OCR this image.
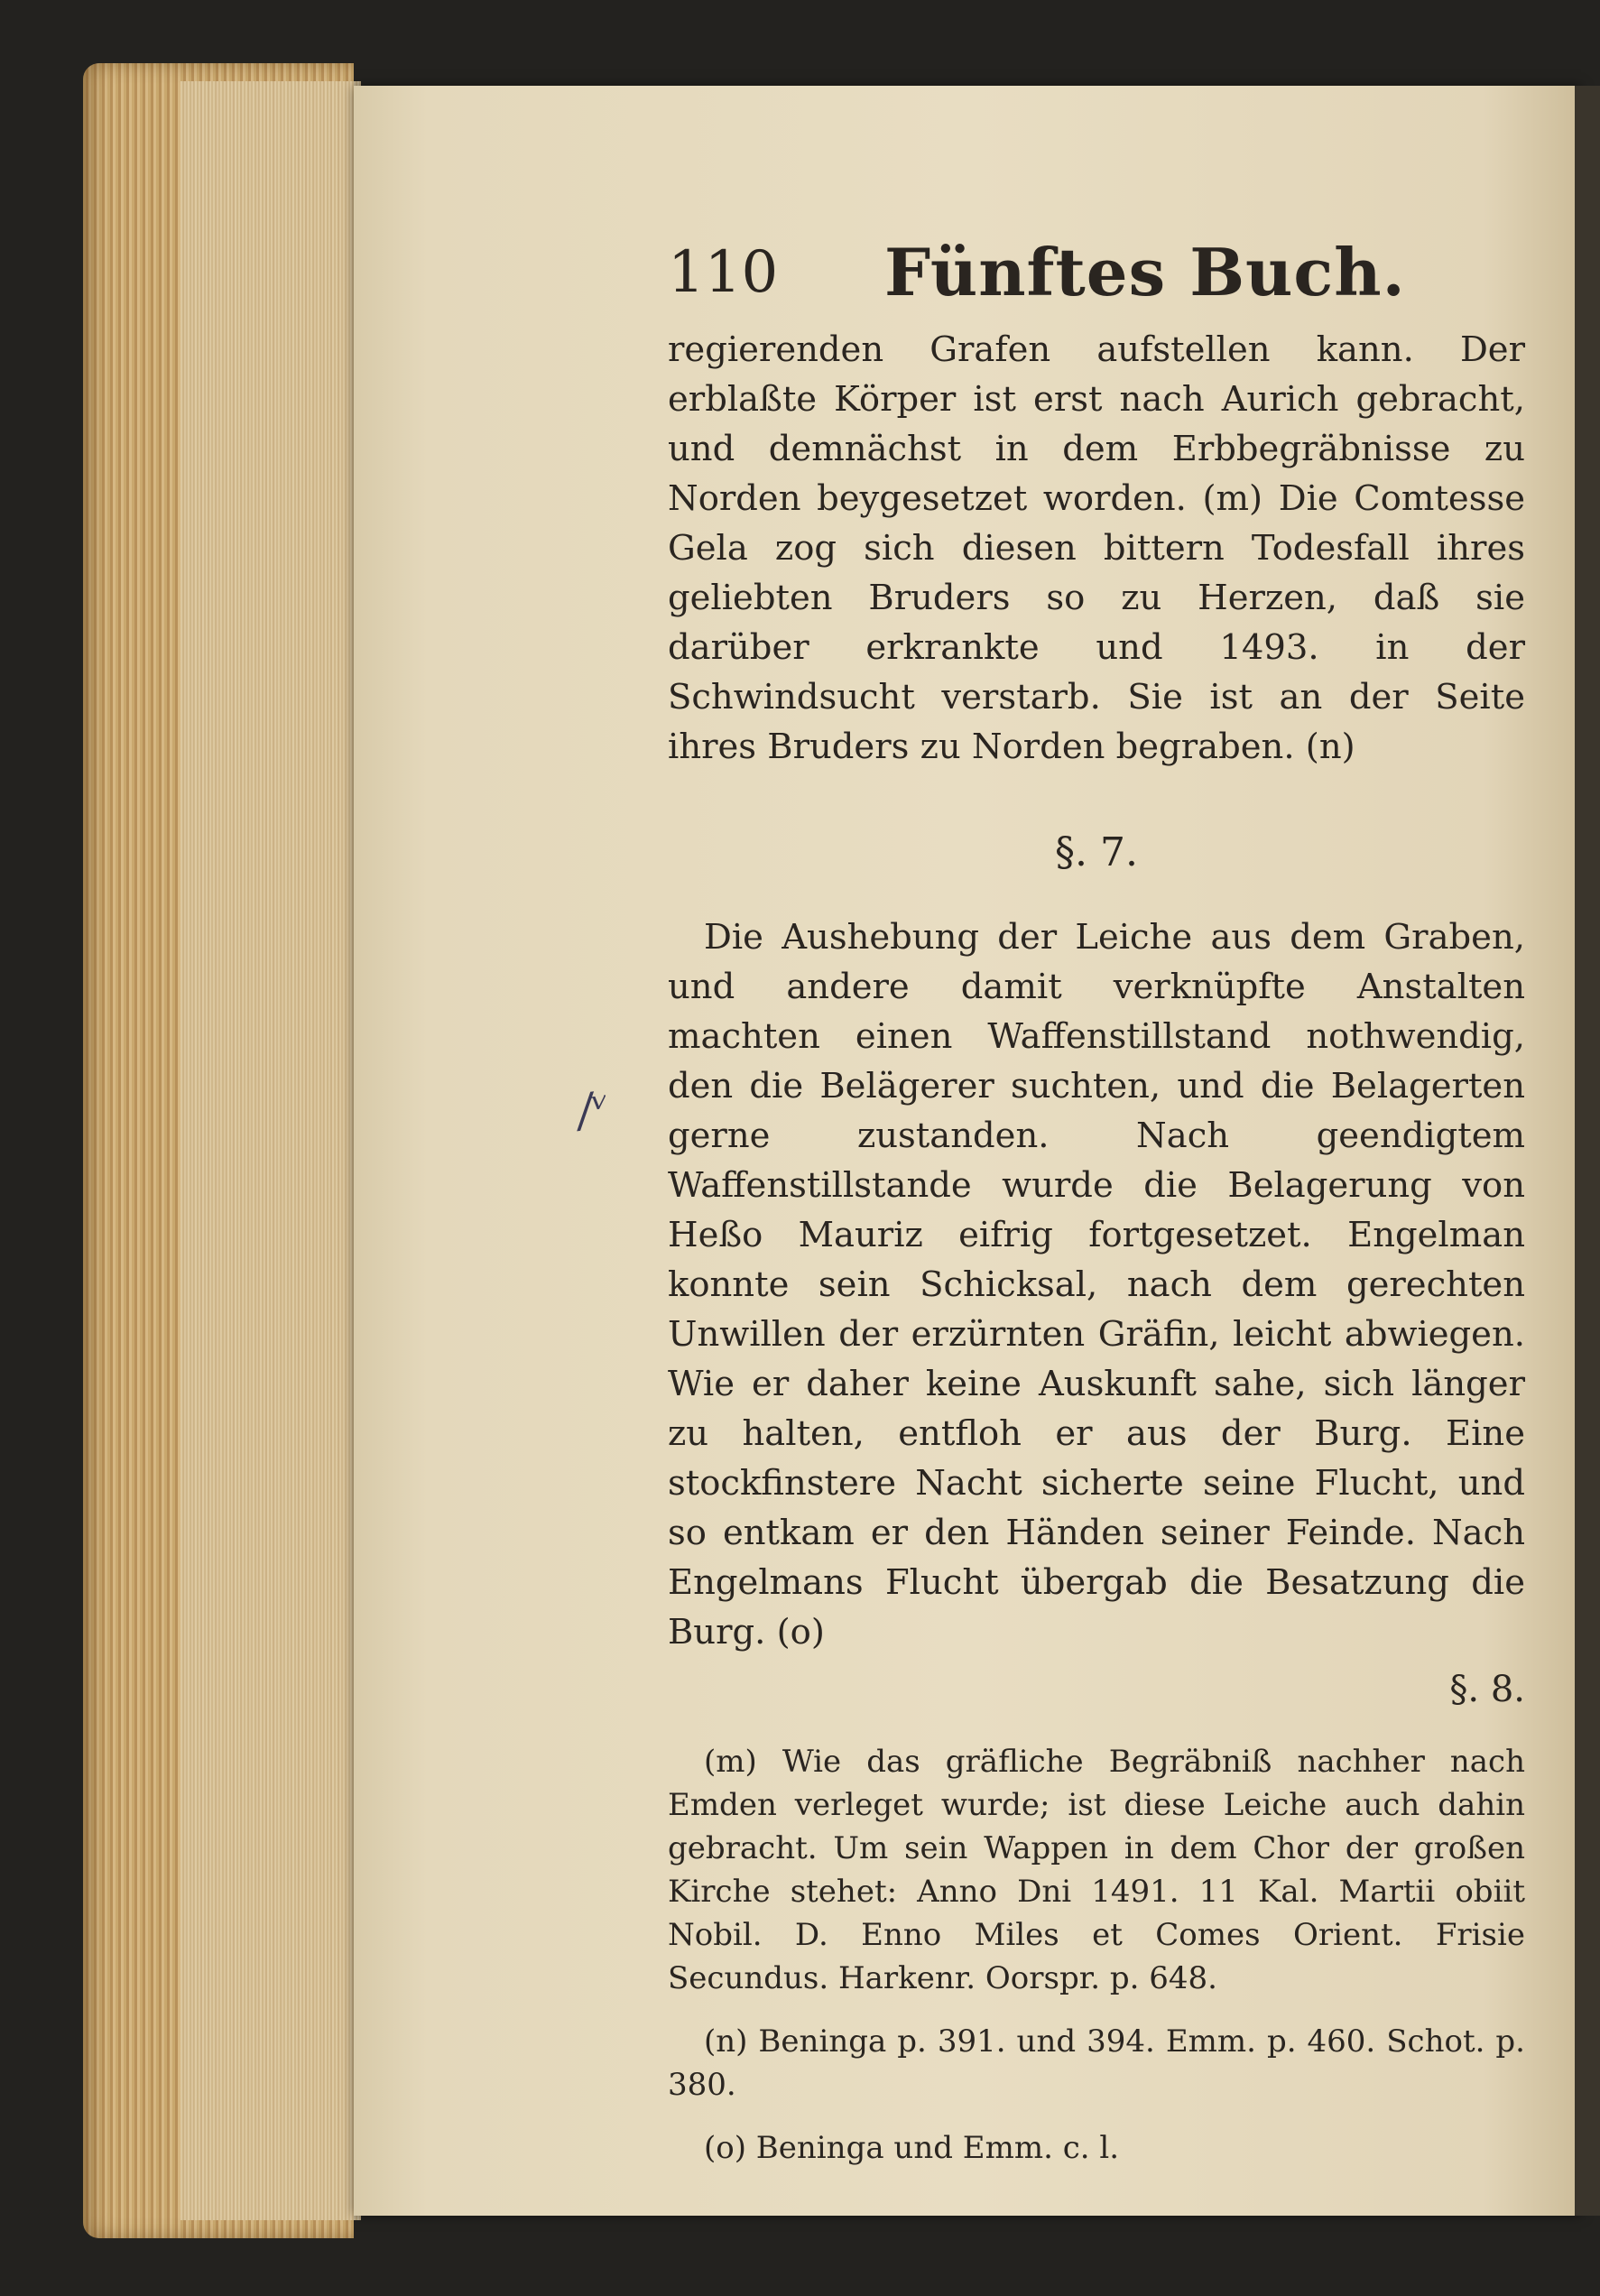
/ᵛ
110 Fünftes Buch.

regierenden Grafen aufstellen kann. Der erblaßte Körper ist erst nach Aurich gebracht, und demnächst in dem Erbbegräbnisse zu Norden beygesetzet worden. (m) Die Comtesse Gela zog sich diesen bittern Todesfall ihres geliebten Bruders so zu Herzen, daß sie darüber erkrankte und 1493. in der Schwindsucht verstarb. Sie ist an der Seite ihres Bruders zu Norden begraben. (n)

§. 7.

Die Aushebung der Leiche aus dem Graben, und andere damit verknüpfte Anstalten machten einen Waffenstillstand nothwendig, den die Belägerer suchten, und die Belagerten gerne zustanden. Nach geendigtem Waffenstillstande wurde die Belagerung von Heßo Mauriz eifrig fortgesetzet. Engelman konnte sein Schicksal, nach dem gerechten Unwillen der erzürnten Gräfin, leicht abwiegen. Wie er daher keine Auskunft sahe, sich länger zu halten, entfloh er aus der Burg. Eine stockfinstere Nacht sicherte seine Flucht, und so entkam er den Händen seiner Feinde. Nach Engelmans Flucht übergab die Besatzung die Burg. (o)

§. 8.

(m) Wie das gräfliche Begräbniß nachher nach Emden verleget wurde; ist diese Leiche auch dahin gebracht. Um sein Wappen in dem Chor der großen Kirche stehet: Anno Dni 1491. 11 Kal. Martii obiit Nobil. D. Enno Miles et Comes Orient. Frisie Secundus. Harkenr. Oorspr. p. 648.

(n) Beninga p. 391. und 394. Emm. p. 460. Schot. p. 380.

(o) Beninga und Emm. c. l.
